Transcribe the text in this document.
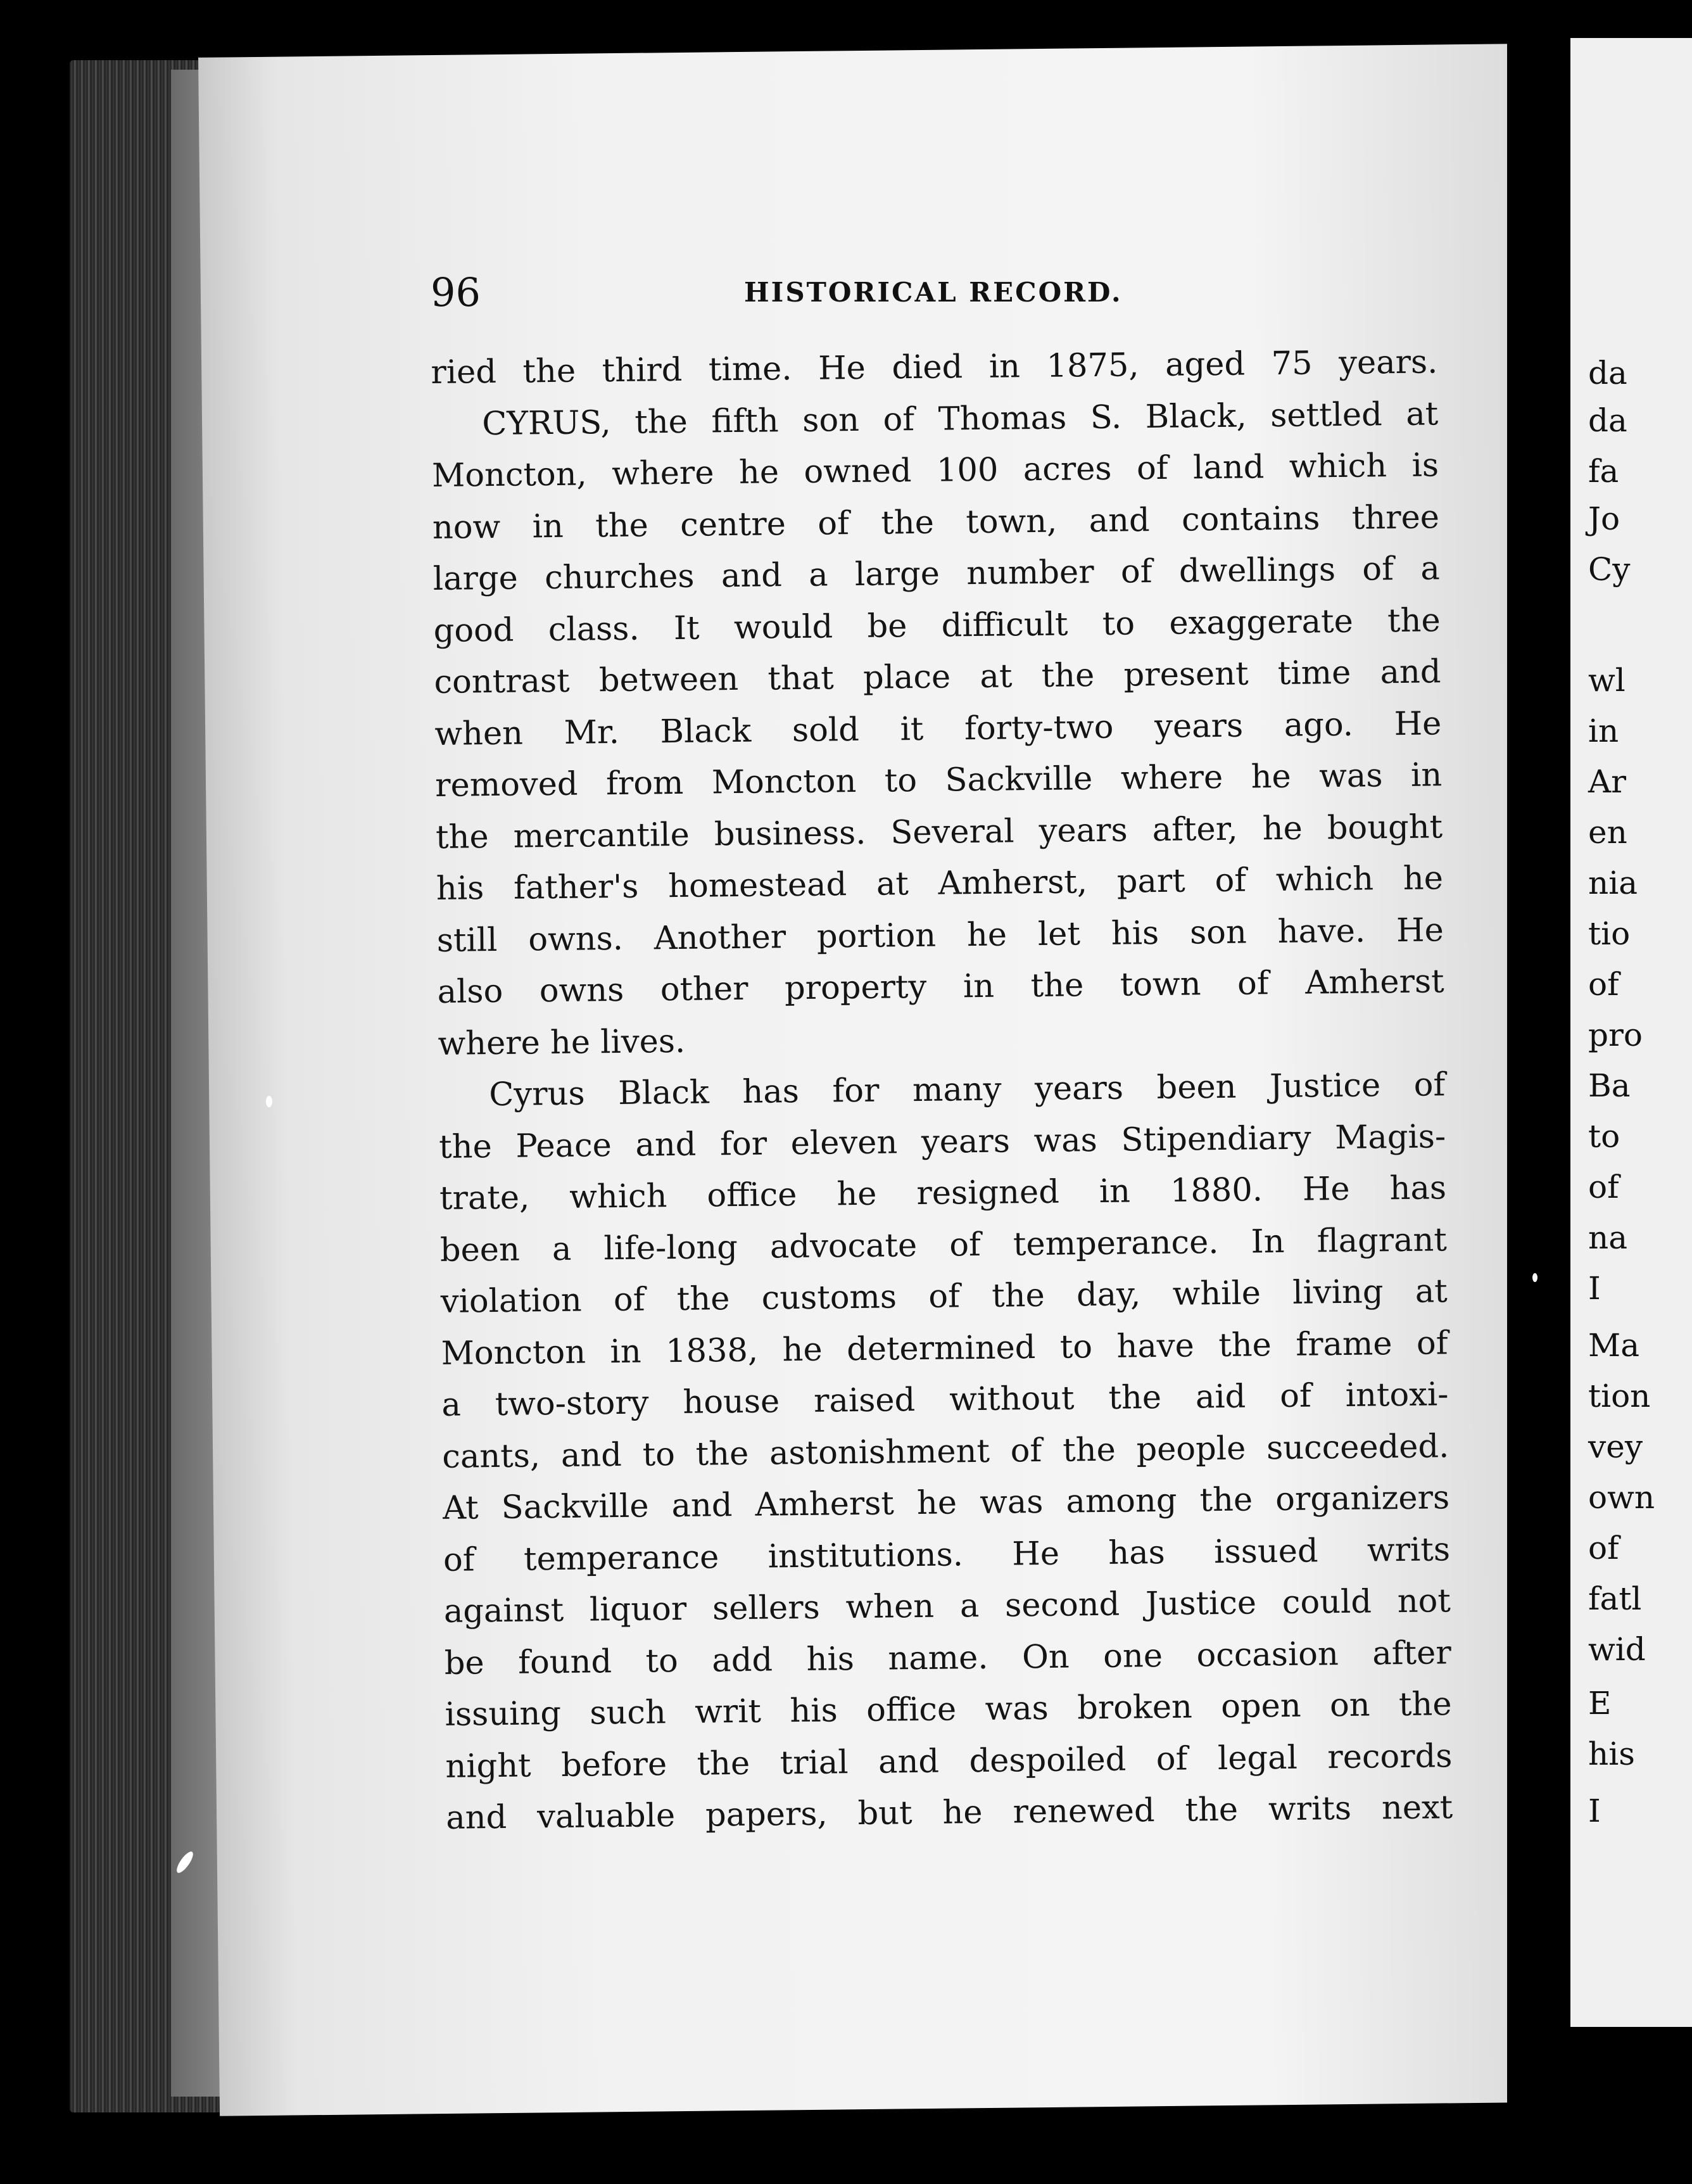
da
da
fa
Jo
Cy
wl
in
Ar
en
nia
tio
of
pro
Ba
to
of
na
I
Ma
tion
vey
own
of
fatl
wid
E
his
I
96	HISTORICAL RECORD.
ried the third time. He died in 1875, aged 75 years.
CYRUS, the fifth son of Thomas S. Black, settled at
Moncton, where he owned 100 acres of land which is
now in the centre of the town, and contains three
large churches and a large number of dwellings of a
good class. It would be difficult to exaggerate the
contrast between that place at the present time and
when Mr. Black sold it forty-two years ago. He
removed from Moncton to Sackville where he was in
the mercantile business. Several years after, he bought
his father's homestead at Amherst, part of which he
still owns. Another portion he let his son have. He
also owns other property in the town of Amherst
where he lives.
Cyrus Black has for many years been Justice of
the Peace and for eleven years was Stipendiary Magis-
trate, which office he resigned in 1880. He has
been a life-long advocate of temperance. In flagrant
violation of the customs of the day, while living at
Moncton in 1838, he determined to have the frame of
a two-story house raised without the aid of intoxi-
cants, and to the astonishment of the people succeeded.
At Sackville and Amherst he was among the organizers
of temperance institutions. He has issued writs
against liquor sellers when a second Justice could not
be found to add his name. On one occasion after
issuing such writ his office was broken open on the
night before the trial and despoiled of legal records
and valuable papers, but he renewed the writs next
